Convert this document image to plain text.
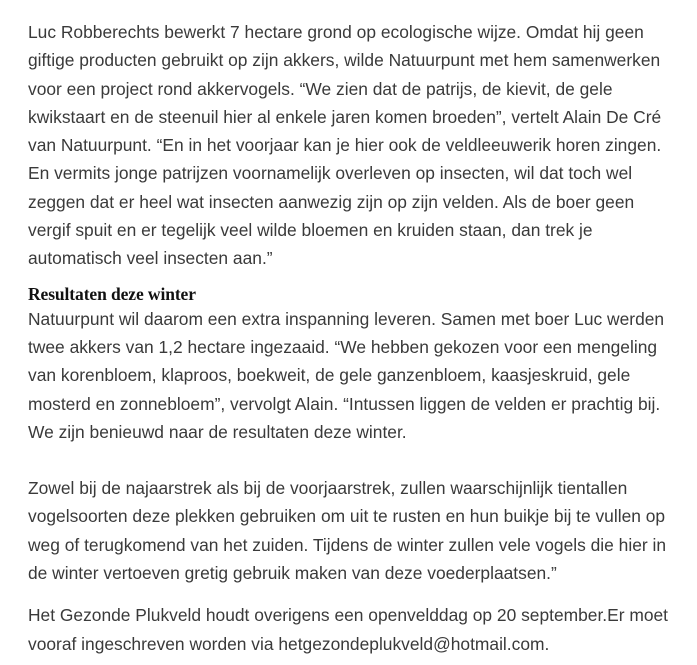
Luc Robberechts bewerkt 7 hectare grond op ecologische wijze. Omdat hij geen giftige producten gebruikt op zijn akkers, wilde Natuurpunt met hem samenwerken voor een project rond akkervogels. “We zien dat de patrijs, de kievit, de gele kwikstaart en de steenuil hier al enkele jaren komen broeden”, vertelt Alain De Cré van Natuurpunt. “En in het voorjaar kan je hier ook de veldleeuwerik horen zingen. En vermits jonge patrijzen voornamelijk overleven op insecten, wil dat toch wel zeggen dat er heel wat insecten aanwezig zijn op zijn velden. Als de boer geen vergif spuit en er tegelijk veel wilde bloemen en kruiden staan, dan trek je automatisch veel insecten aan.”

Resultaten deze winter

Natuurpunt wil daarom een extra inspanning leveren. Samen met boer Luc werden twee akkers van 1,2 hectare ingezaaid. “We hebben gekozen voor een mengeling van korenbloem, klaproos, boekweit, de gele ganzenbloem, kaasjeskruid, gele mosterd en zonnebloem”, vervolgt Alain. “Intussen liggen de velden er prachtig bij. We zijn benieuwd naar de resultaten deze winter.

Zowel bij de najaarstrek als bij de voorjaarstrek, zullen waarschijnlijk tientallen vogelsoorten deze plekken gebruiken om uit te rusten en hun buikje bij te vullen op weg of terugkomend van het zuiden. Tijdens de winter zullen vele vogels die hier in de winter vertoeven gretig gebruik maken van deze voederplaatsen.”

Het Gezonde Plukveld houdt overigens een openvelddag op 20 september.Er moet vooraf ingeschreven worden via hetgezondeplukveld@hotmail.com.
